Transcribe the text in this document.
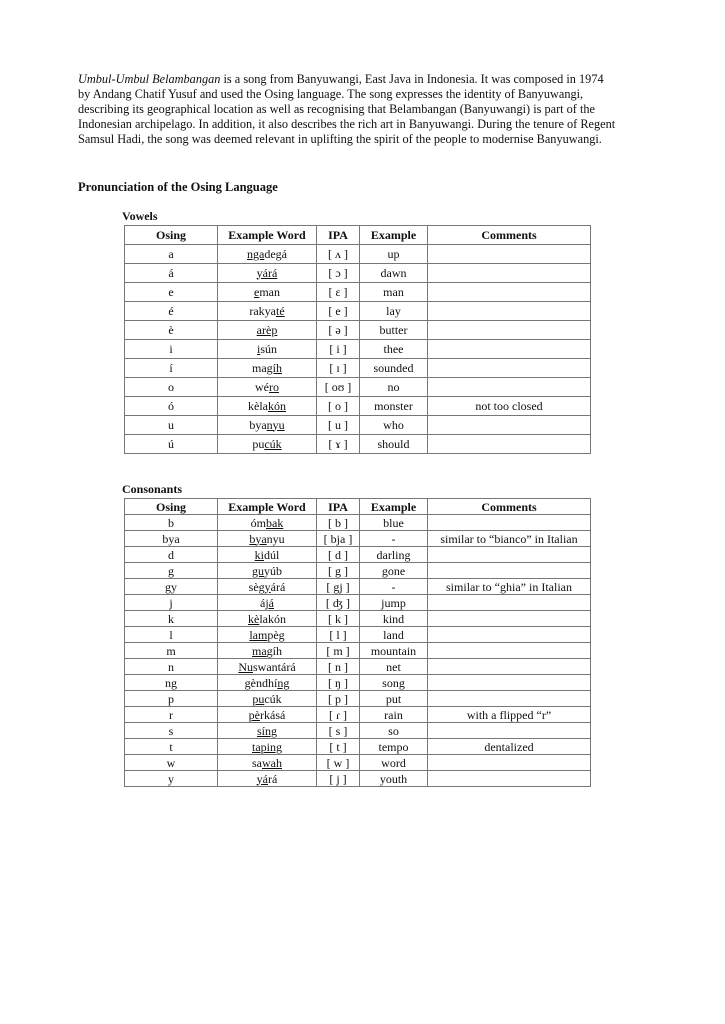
Umbul-Umbul Belambangan is a song from Banyuwangi, East Java in Indonesia. It was composed in 1974 by Andang Chatif Yusuf and used the Osing language. The song expresses the identity of Banyuwangi, describing its geographical location as well as recognising that Belambangan (Banyuwangi) is part of the Indonesian archipelago. In addition, it also describes the rich art in Banyuwangi. During the tenure of Regent Samsul Hadi, the song was deemed relevant in uplifting the spirit of the people to modernise Banyuwangi.

Pronunciation of the Osing Language

Vowels
Osing	Example Word	IPA	Example	Comments
a	ngadegá	[ ʌ ]	up	
á	yárá	[ ɔ ]	dawn	
e	eman	[ ɛ ]	man	
é	rakyaté	[ e ]	lay	
è	arèp	[ ə ]	butter	
i	isún	[ i ]	thee	
í	magíh	[ ɪ ]	sounded	
o	wéro	[ oʊ ]	no	
ó	kèlakón	[ o ]	monster	not too closed
u	byanyu	[ u ]	who	
ú	pucúk	[ ɤ ]	should	
Consonants
Osing	Example Word	IPA	Example	Comments
b	ómbak	[ b ]	blue	
bya	byanyu	[ bja ]	-	similar to “bianco” in Italian
d	kidúl	[ d ]	darling	
g	guyúb	[ g ]	gone	
gy	sègyárá	[ gj ]	-	similar to “ghia” in Italian
j	ájá	[ ʤ ]	jump	
k	kèlakón	[ k ]	kind	
l	lampèg	[ l ]	land	
m	magíh	[ m ]	mountain	
n	Nuswantárá	[ n ]	net	
ng	gèndhíng	[ ŋ ]	song	
p	pucúk	[ p ]	put	
r	pèrkásá	[ ɾ ]	rain	with a flipped “r”
s	síng	[ s ]	so	
t	taping	[ t ]	tempo	dentalized
w	sawah	[ w ]	word	
y	yárá	[ j ]	youth	
